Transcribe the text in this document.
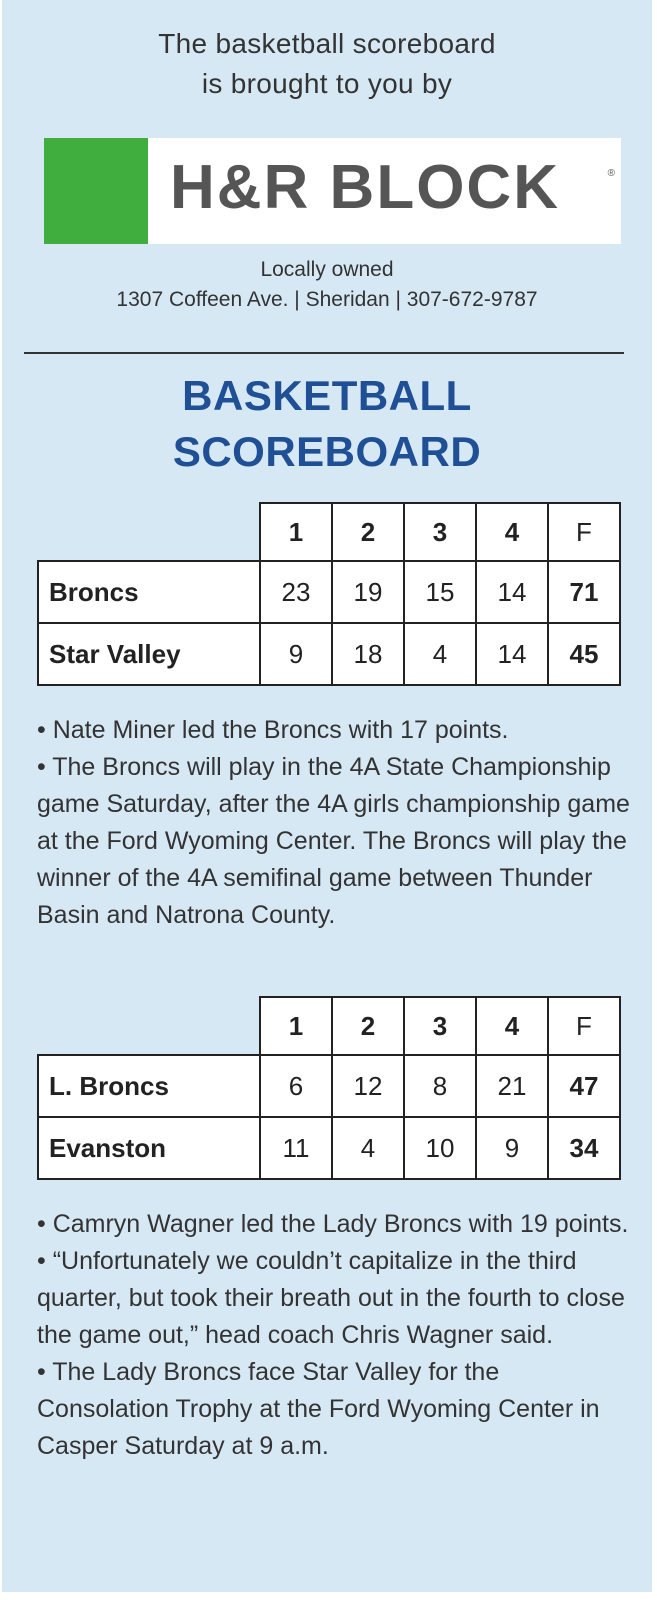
The basketball scoreboard
is brought to you by
H&R BLOCK	®
Locally owned
1307 Coffeen Ave. | Sheridan | 307-672-9787
BASKETBALL
SCOREBOARD
	1	2	3	4	F
Broncs	23	19	15	14	71
Star Valley	9	18	4	14	45

• Nate Miner led the Broncs with 17 points.

• The Broncs will play in the 4A State Championship game Saturday, after the 4A girls championship game at the Ford Wyoming Center. The Broncs will play the winner of the 4A semifinal game between Thunder Basin and Natrona County.

	1	2	3	4	F
L. Broncs	6	12	8	21	47
Evanston	11	4	10	9	34

• Camryn Wagner led the Lady Broncs with 19 points.

• “Unfortunately we couldn’t capitalize in the third quarter, but took their breath out in the fourth to close the game out,” head coach Chris Wagner said.

• The Lady Broncs face Star Valley for the Consolation Trophy at the Ford Wyoming Center in Casper Saturday at 9 a.m.
